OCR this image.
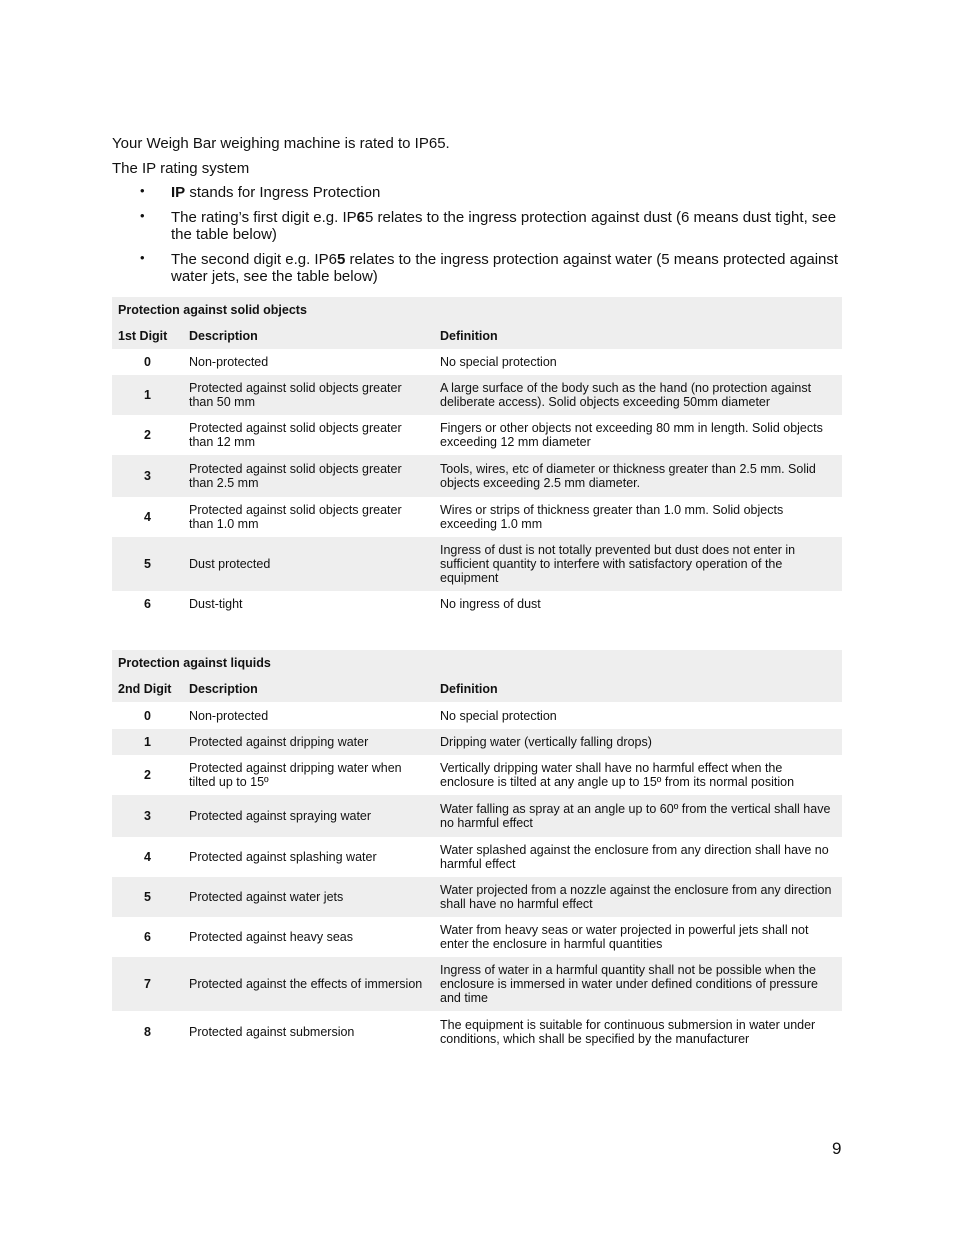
Your Weigh Bar weighing machine is rated to IP65.

The IP rating system

• IP stands for Ingress Protection
• The rating’s first digit e.g. IP65 relates to the ingress protection against dust (6 means dust tight, see the table below)
• The second digit e.g. IP65 relates to the ingress protection against water (5 means protected against water jets, see the table below)
Protection against solid objects		
1st Digit	Description	Definition
0	Non-protected	No special protection
1	Protected against solid objects greater than 50 mm	A large surface of the body such as the hand (no protection against deliberate access). Solid objects exceeding 50mm diameter
2	Protected against solid objects greater than 12 mm	Fingers or other objects not exceeding 80 mm in length. Solid objects exceeding 12 mm diameter
3	Protected against solid objects greater than 2.5 mm	Tools, wires, etc of diameter or thickness greater than 2.5 mm. Solid objects exceeding 2.5 mm diameter.
4	Protected against solid objects greater than 1.0 mm	Wires or strips of thickness greater than 1.0 mm. Solid objects exceeding 1.0 mm
5	Dust protected	Ingress of dust is not totally prevented but dust does not enter in sufficient quantity to interfere with satisfactory operation of the equipment
6	Dust-tight	No ingress of dust
Protection against liquids		
2nd Digit	Description	Definition
0	Non-protected	No special protection
1	Protected against dripping water	Dripping water (vertically falling drops)
2	Protected against dripping water when tilted up to 15º	Vertically dripping water shall have no harmful effect when the enclosure is tilted at any angle up to 15º from its normal position
3	Protected against spraying water	Water falling as spray at an angle up to 60º from the vertical shall have no harmful effect
4	Protected against splashing water	Water splashed against the enclosure from any direction shall have no harmful effect
5	Protected against water jets	Water projected from a nozzle against the enclosure from any direction shall have no harmful effect
6	Protected against heavy seas	Water from heavy seas or water projected in powerful jets shall not enter the enclosure in harmful quantities
7	Protected against the effects of immersion	Ingress of water in a harmful quantity shall not be possible when the enclosure is immersed in water under defined conditions of pressure and time
8	Protected against submersion	The equipment is suitable for continuous submersion in water under conditions, which shall be specified by the manufacturer
9
